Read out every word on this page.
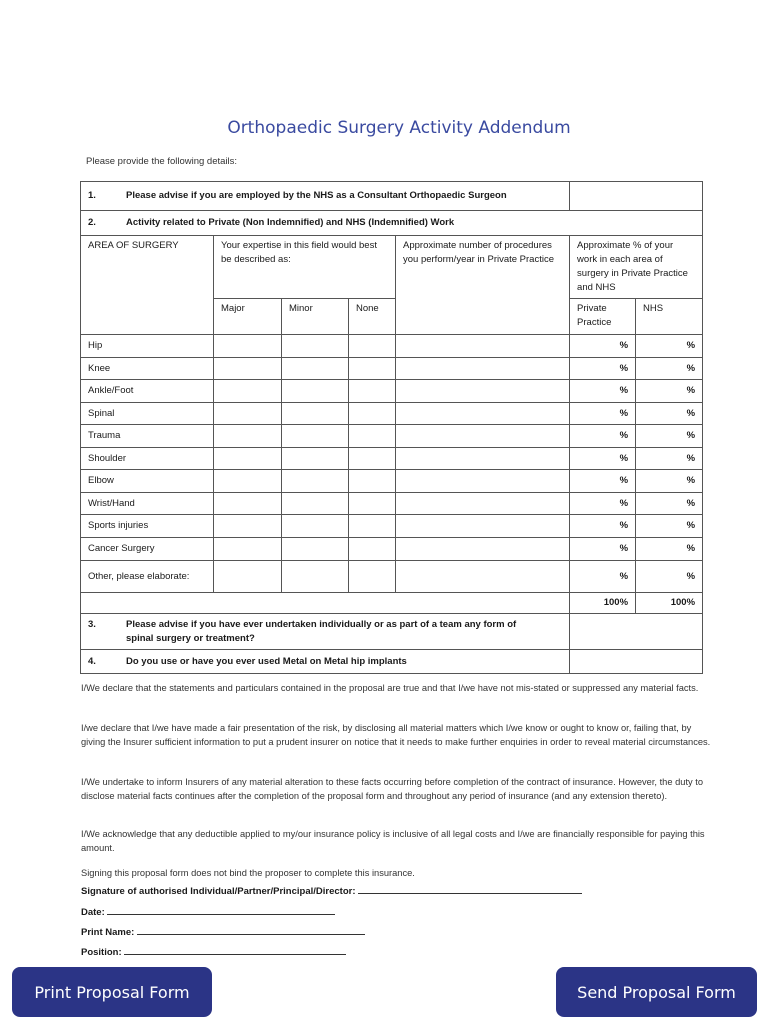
Orthopaedic Surgery Activity Addendum
Please provide the following details:
1. Please advise if you are employed by the NHS as a Consultant Orthopaedic Surgeon						
2. Activity related to Private (Non Indemnified) and NHS (Indemnified) Work						
AREA OF SURGERY	Your expertise in this field would best be described as:			Approximate number of procedures you perform/year in Private Practice	Approximate % of your work in each area of surgery in Private Practice and NHS	
	Major	Minor	None		Private Practice	NHS
Hip					%	%
Knee					%	%
Ankle/Foot					%	%
Spinal					%	%
Trauma					%	%
Shoulder					%	%
Elbow					%	%
Wrist/Hand					%	%
Sports injuries					%	%
Cancer Surgery					%	%
Other, please elaborate:					%	%
					100%	100%
3. Please advise if you have ever undertaken individually or as part of a team any form of spinal surgery or treatment?						
4. Do you use or have you ever used Metal on Metal hip implants						
I/We declare that the statements and particulars contained in the proposal are true and that I/we have not mis-stated or suppressed any material facts.
I/we declare that I/we have made a fair presentation of the risk, by disclosing all material matters which I/we know or ought to know or, failing that, by giving the Insurer sufficient information to put a prudent insurer on notice that it needs to make further enquiries in order to reveal material circumstances.
I/We undertake to inform Insurers of any material alteration to these facts occurring before completion of the contract of insurance. However, the duty to disclose material facts continues after the completion of the proposal form and throughout any period of insurance (and any extension thereto).
I/We acknowledge that any deductible applied to my/our insurance policy is inclusive of all legal costs and I/we are financially responsible for paying this amount.
Signing this proposal form does not bind the proposer to complete this insurance.
Signature of authorised Individual/Partner/Principal/Director:
Date:
Print Name:
Position:
Print Proposal Form	Send Proposal Form
